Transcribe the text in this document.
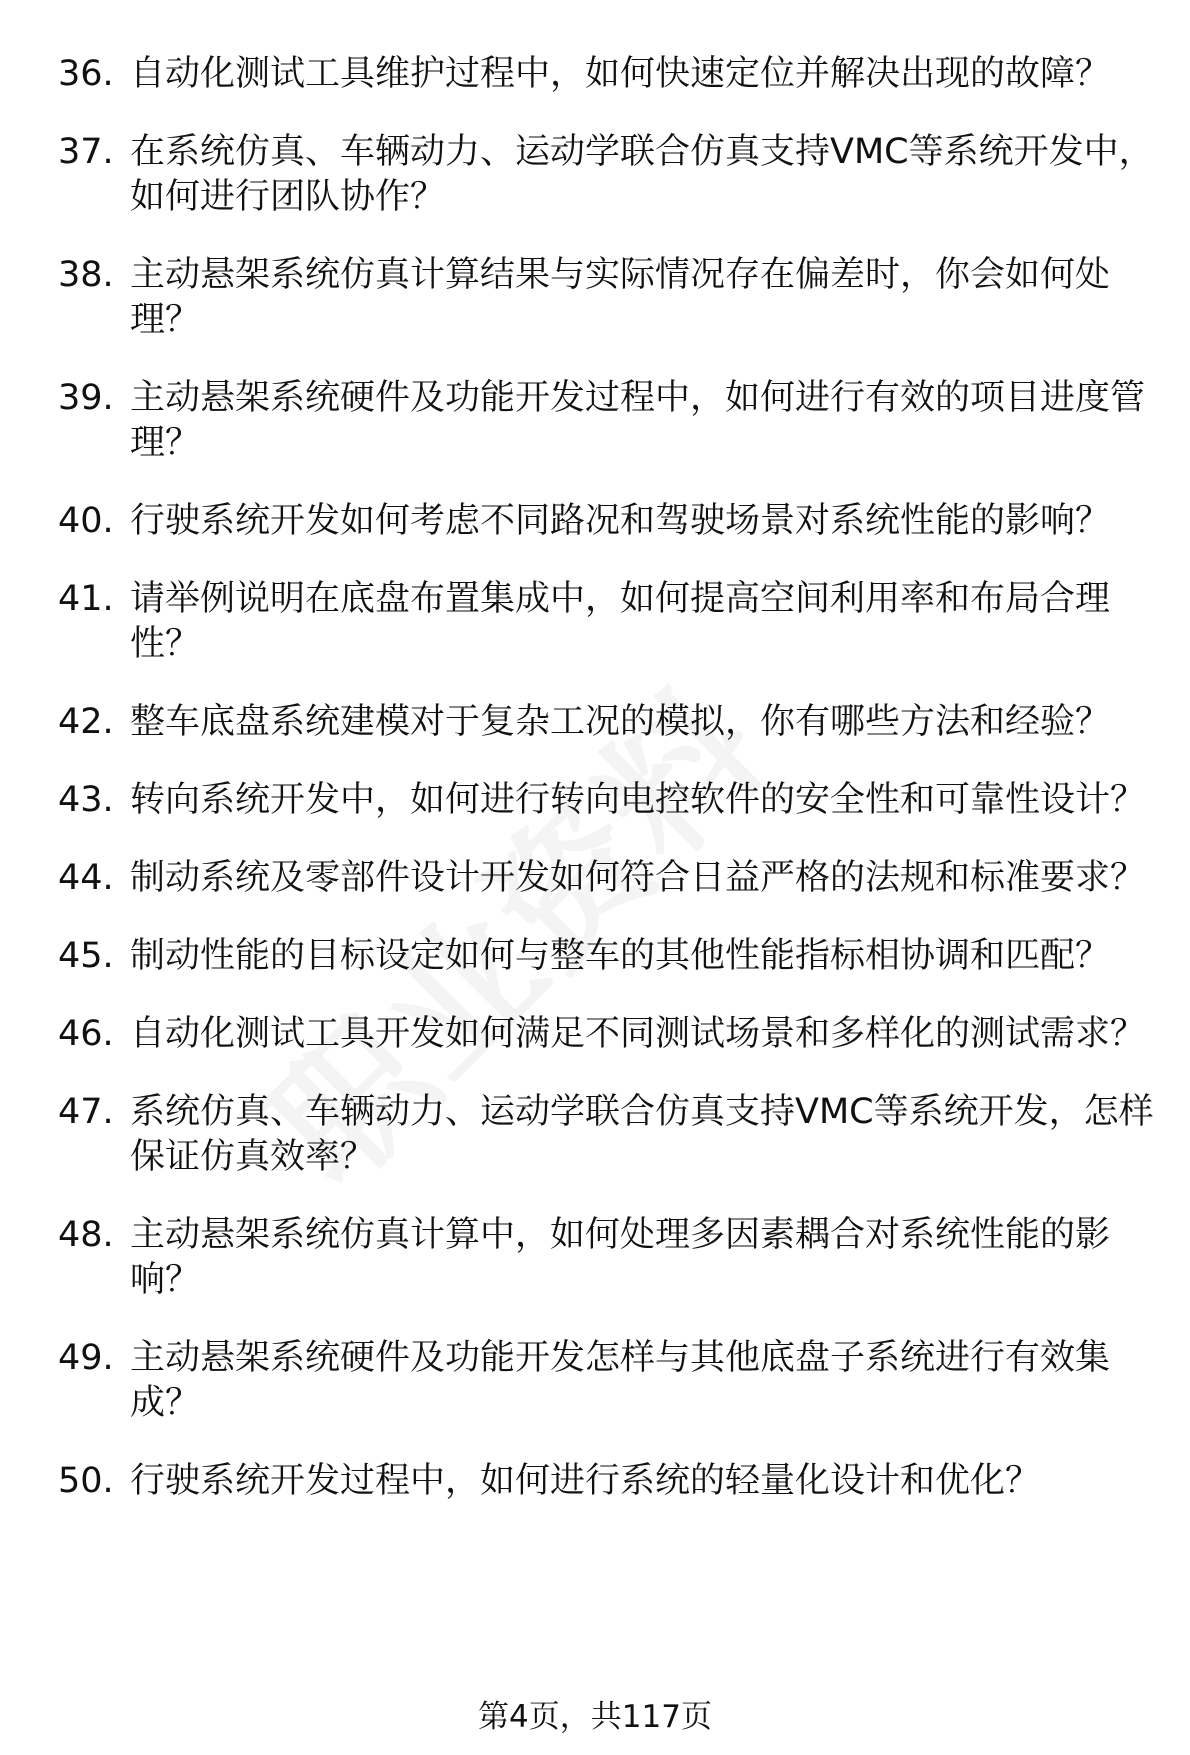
36. 自动化测试工具维护过程中，如何快速定位并解决出现的故障？
37. 在系统仿真、车辆动力、运动学联合仿真支持VMC等系统开发中，如何进行团队协作？
38. 主动悬架系统仿真计算结果与实际情况存在偏差时，你会如何处理？
39. 主动悬架系统硬件及功能开发过程中，如何进行有效的项目进度管理？
40. 行驶系统开发如何考虑不同路况和驾驶场景对系统性能的影响？
41. 请举例说明在底盘布置集成中，如何提高空间利用率和布局合理性？
42. 整车底盘系统建模对于复杂工况的模拟，你有哪些方法和经验？
43. 转向系统开发中，如何进行转向电控软件的安全性和可靠性设计？
44. 制动系统及零部件设计开发如何符合日益严格的法规和标准要求？
45. 制动性能的目标设定如何与整车的其他性能指标相协调和匹配？
46. 自动化测试工具开发如何满足不同测试场景和多样化的测试需求？
47. 系统仿真、车辆动力、运动学联合仿真支持VMC等系统开发，怎样保证仿真效率？
48. 主动悬架系统仿真计算中，如何处理多因素耦合对系统性能的影响？
49. 主动悬架系统硬件及功能开发怎样与其他底盘子系统进行有效集成？
50. 行驶系统开发过程中，如何进行系统的轻量化设计和优化？
第4页，共117页
